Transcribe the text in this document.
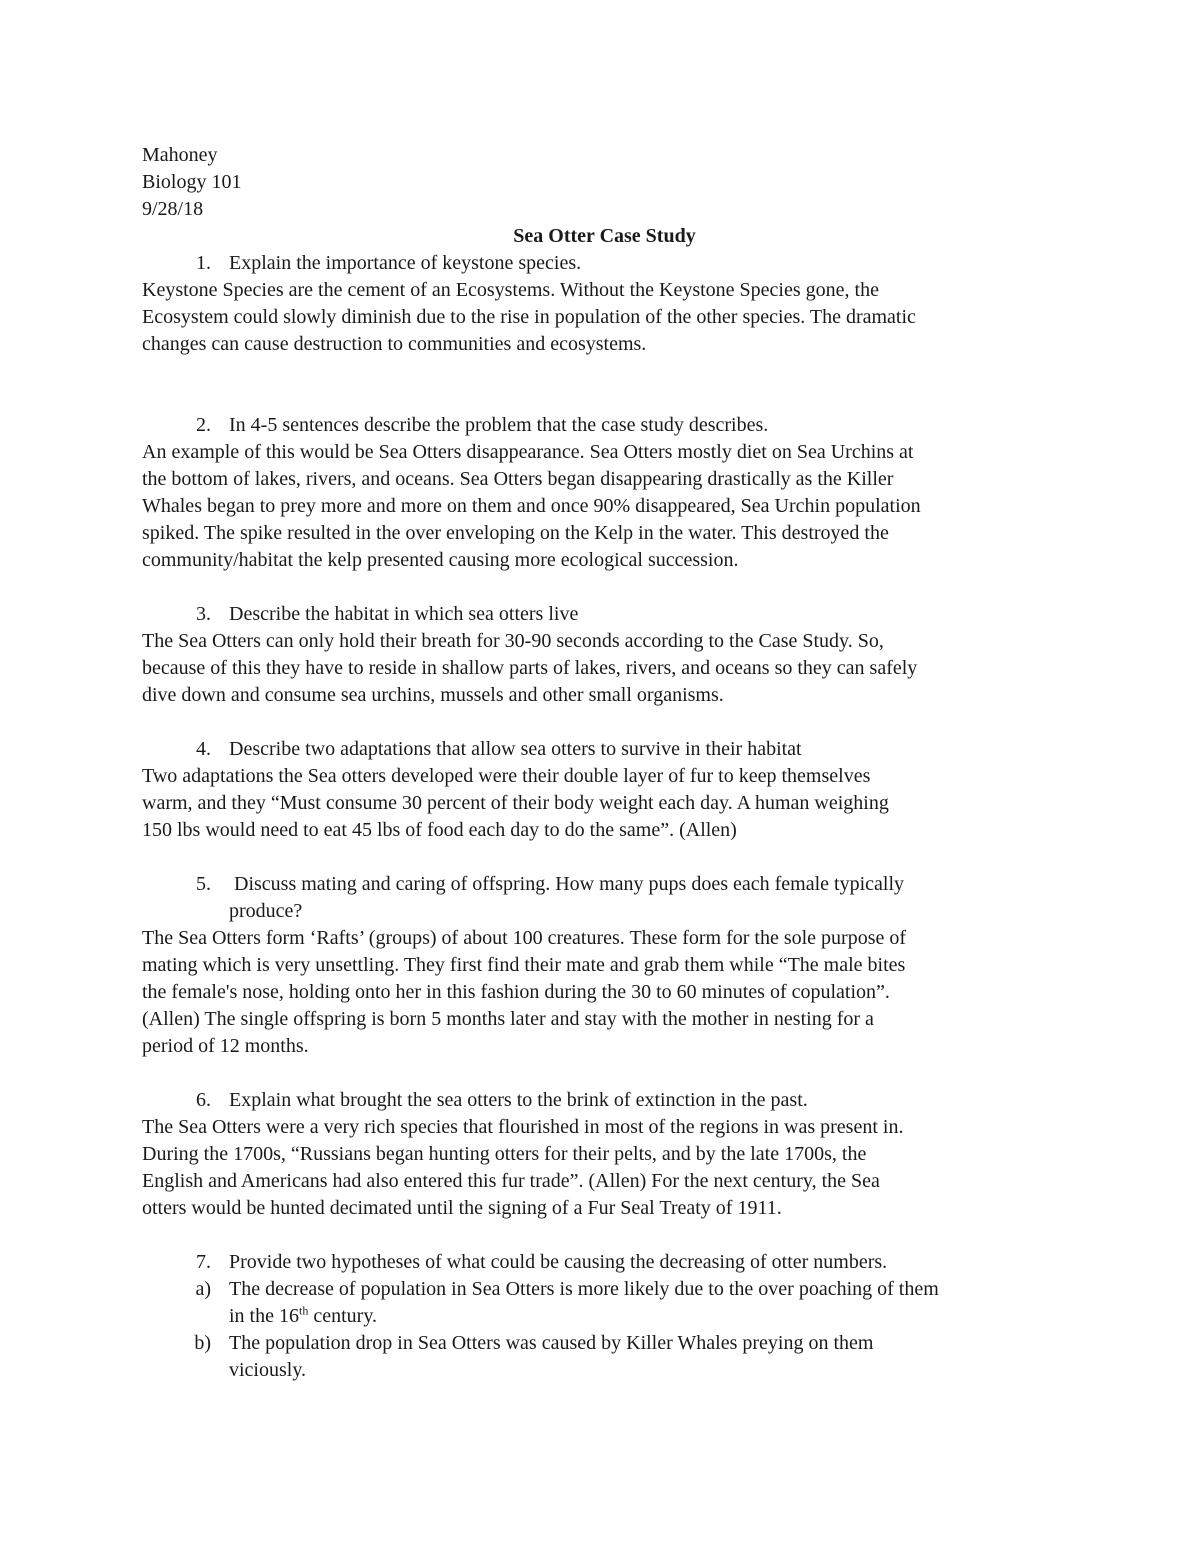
Mahoney
Biology 101
9/28/18
Sea Otter Case Study
1. Explain the importance of keystone species.
Keystone Species are the cement of an Ecosystems. Without the Keystone Species gone, the
Ecosystem could slowly diminish due to the rise in population of the other species. The dramatic
changes can cause destruction to communities and ecosystems.
2. In 4-5 sentences describe the problem that the case study describes.
An example of this would be Sea Otters disappearance. Sea Otters mostly diet on Sea Urchins at
the bottom of lakes, rivers, and oceans. Sea Otters began disappearing drastically as the Killer
Whales began to prey more and more on them and once 90% disappeared, Sea Urchin population
spiked. The spike resulted in the over enveloping on the Kelp in the water. This destroyed the
community/habitat the kelp presented causing more ecological succession.
3. Describe the habitat in which sea otters live
The Sea Otters can only hold their breath for 30-90 seconds according to the Case Study. So,
because of this they have to reside in shallow parts of lakes, rivers, and oceans so they can safely
dive down and consume sea urchins, mussels and other small organisms.
4. Describe two adaptations that allow sea otters to survive in their habitat
Two adaptations the Sea otters developed were their double layer of fur to keep themselves
warm, and they “Must consume 30 percent of their body weight each day. A human weighing
150 lbs would need to eat 45 lbs of food each day to do the same”. (Allen)
5. Discuss mating and caring of offspring. How many pups does each female typically
produce?
The Sea Otters form ‘Rafts’ (groups) of about 100 creatures. These form for the sole purpose of
mating which is very unsettling. They first find their mate and grab them while “The male bites
the female's nose, holding onto her in this fashion during the 30 to 60 minutes of copulation”.
(Allen) The single offspring is born 5 months later and stay with the mother in nesting for a
period of 12 months.
6. Explain what brought the sea otters to the brink of extinction in the past.
The Sea Otters were a very rich species that flourished in most of the regions in was present in.
During the 1700s, “Russians began hunting otters for their pelts, and by the late 1700s, the
English and Americans had also entered this fur trade”. (Allen) For the next century, the Sea
otters would be hunted decimated until the signing of a Fur Seal Treaty of 1911.
7. Provide two hypotheses of what could be causing the decreasing of otter numbers.
a) The decrease of population in Sea Otters is more likely due to the over poaching of them
in the 16th century.
b) The population drop in Sea Otters was caused by Killer Whales preying on them
viciously.
